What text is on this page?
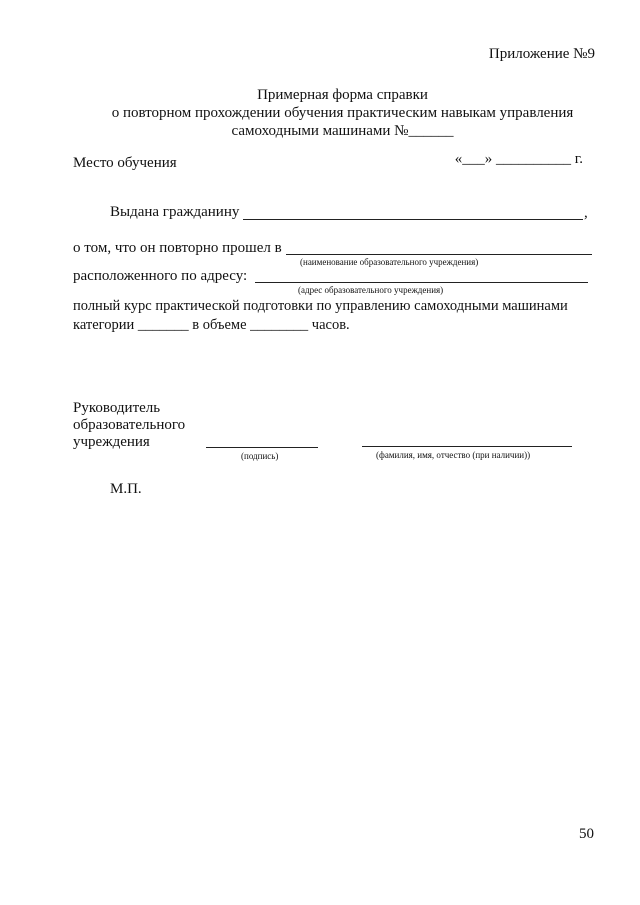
Приложение №9
Примерная форма справки
о повторном прохождении обучения практическим навыкам управления
самоходными машинами №______
Место обучения	«___» __________ г.
Выдана гражданину	,
о том, что он повторно прошел в
(наименование образовательного учреждения)
расположенного по адресу:
(адрес образовательного учреждения)
полный курс практической подготовки по управлению самоходными машинами
категории _______ в объеме ________ часов.
Руководитель
образовательного
учреждения
(подпись)	(фамилия, имя, отчество (при наличии))
М.П.
50
